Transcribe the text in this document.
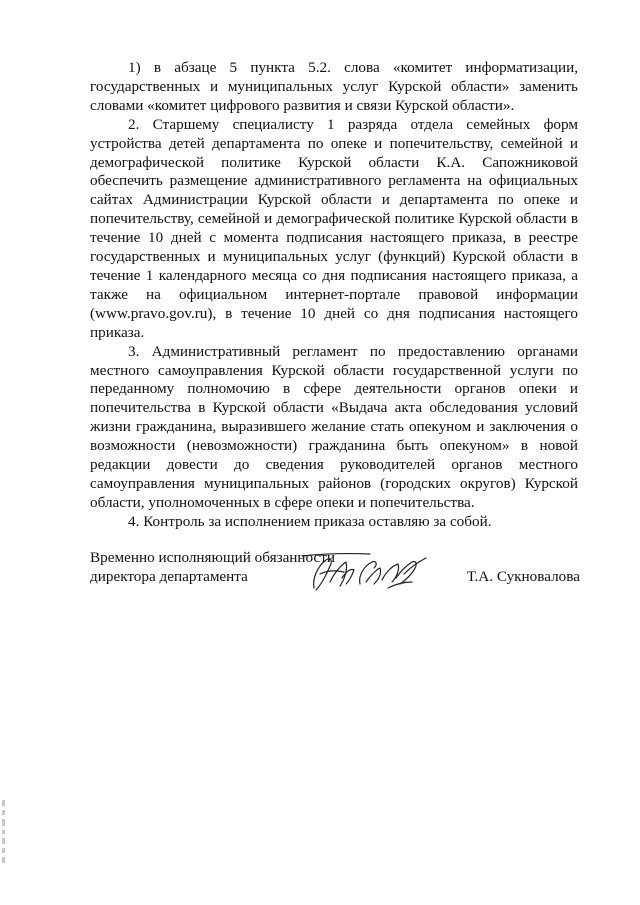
1) в абзаце 5 пункта 5.2. слова «комитет информатизации, государственных и муниципальных услуг Курской области» заменить словами «комитет цифрового развития и связи Курской области».

2. Старшему специалисту 1 разряда отдела семейных форм устройства детей департамента по опеке и попечительству, семейной и демографической политике Курской области К.А. Сапожниковой обеспечить размещение административного регламента на официальных сайтах Администрации Курской области и департамента по опеке и попечительству, семейной и демографической политике Курской области в течение 10 дней с момента подписания настоящего приказа, в реестре государственных и муниципальных услуг (функций) Курской области в течение 1 календарного месяца со дня подписания настоящего приказа, а также на официальном интернет-портале правовой информации (www.pravo.gov.ru), в течение 10 дней со дня подписания настоящего приказа.

3. Административный регламент по предоставлению органами местного самоуправления Курской области государственной услуги по переданному полномочию в сфере деятельности органов опеки и попечительства в Курской области «Выдача акта обследования условий жизни гражданина, выразившего желание стать опекуном и заключения о возможности (невозможности) гражданина быть опекуном» в новой редакции довести до сведения руководителей органов местного самоуправления муниципальных районов (городских округов) Курской области, уполномоченных в сфере опеки и попечительства.

4. Контроль за исполнением приказа оставляю за собой.

Временно исполняющий обязанности
директора департамента	Т.А. Сукновалова
